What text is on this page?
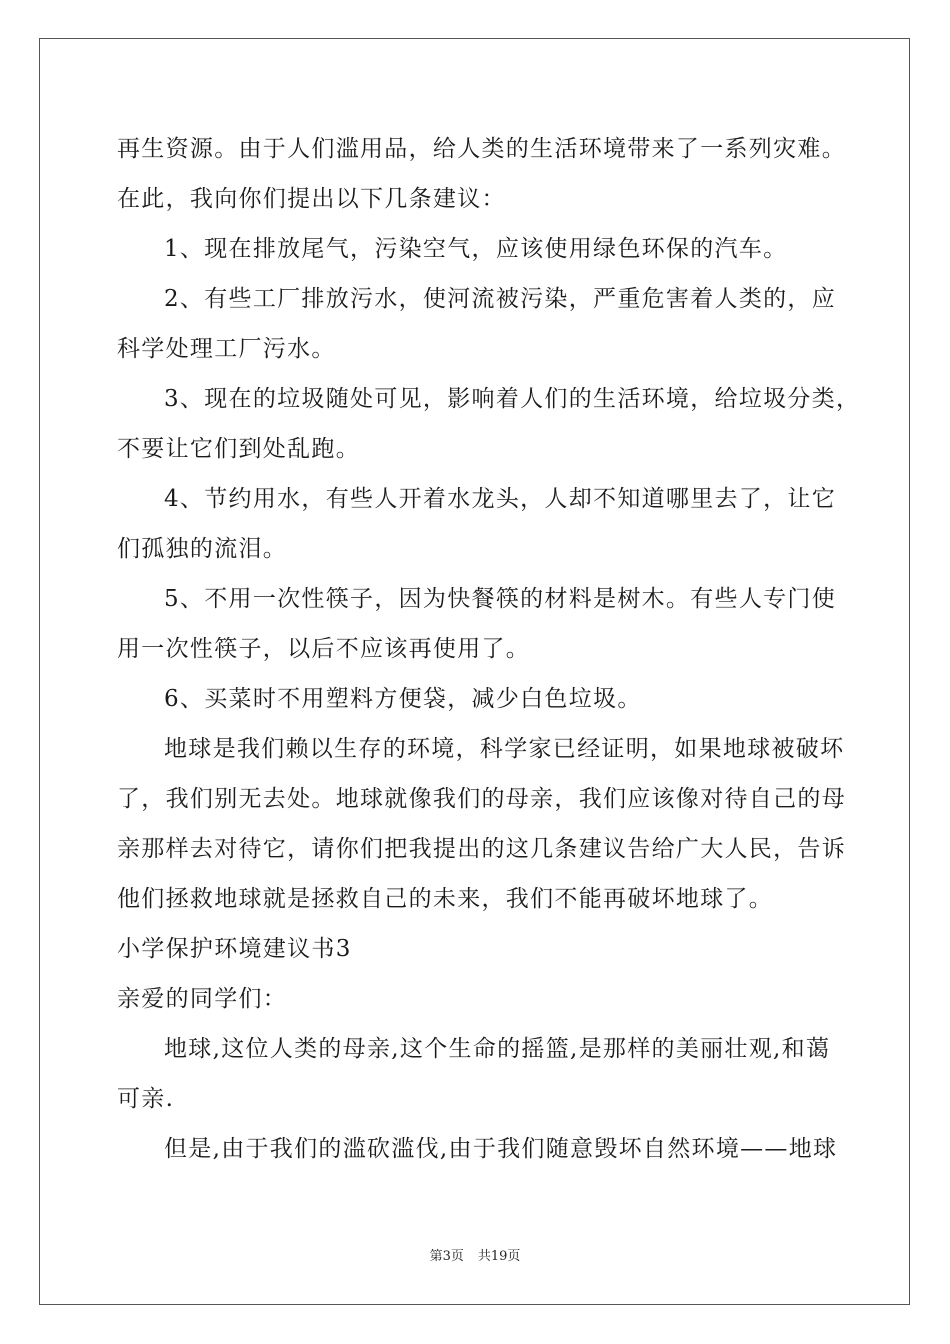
再生资源。由于人们滥用品，给人类的生活环境带来了一系列灾难。
在此，我向你们提出以下几条建议：
1、现在排放尾气，污染空气，应该使用绿色环保的汽车。
2、有些工厂排放污水，使河流被污染，严重危害着人类的，应
科学处理工厂污水。
3、现在的垃圾随处可见，影响着人们的生活环境，给垃圾分类，
不要让它们到处乱跑。
4、节约用水，有些人开着水龙头，人却不知道哪里去了，让它
们孤独的流泪。
5、不用一次性筷子，因为快餐筷的材料是树木。有些人专门使
用一次性筷子，以后不应该再使用了。
6、买菜时不用塑料方便袋，减少白色垃圾。
地球是我们赖以生存的环境，科学家已经证明，如果地球被破坏
了，我们别无去处。地球就像我们的母亲，我们应该像对待自己的母
亲那样去对待它，请你们把我提出的这几条建议告给广大人民，告诉
他们拯救地球就是拯救自己的未来，我们不能再破坏地球了。
小学保护环境建议书3
亲爱的同学们：
地球,这位人类的母亲,这个生命的摇篮,是那样的美丽壮观,和蔼
可亲.
但是,由于我们的滥砍滥伐,由于我们随意毁坏自然环境——地球
第3页 共19页
